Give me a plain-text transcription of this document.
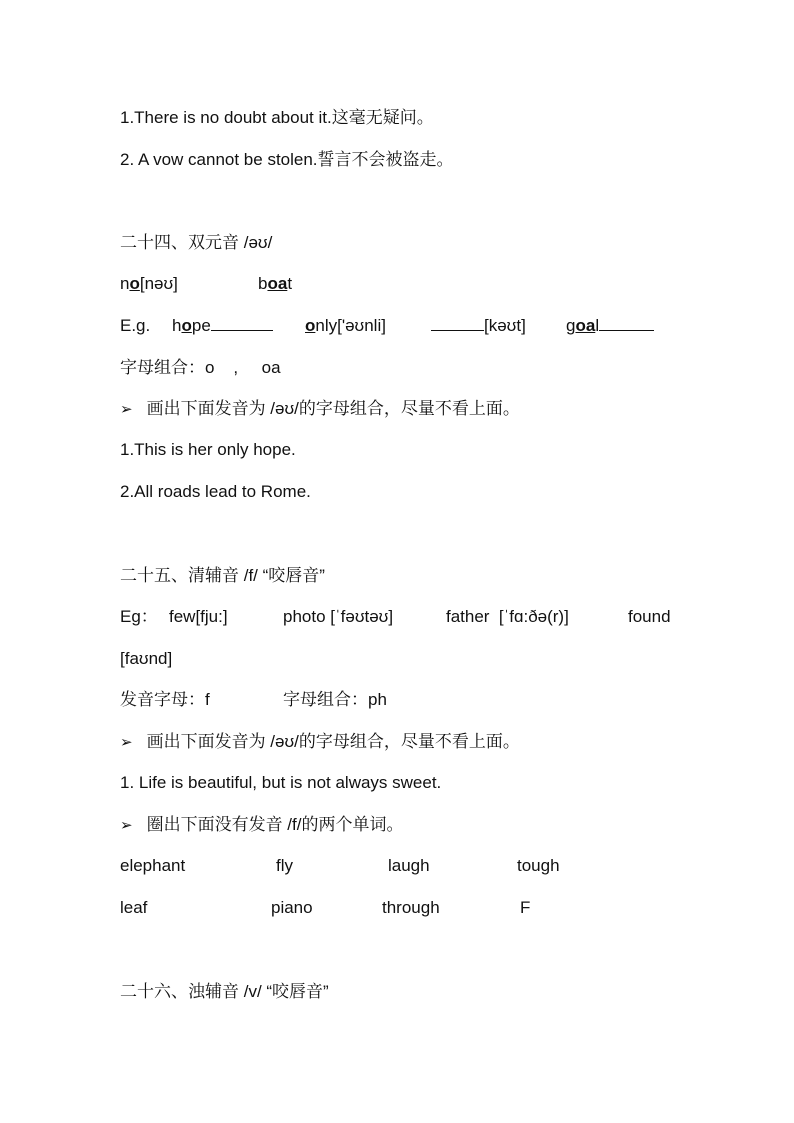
1.There is no doubt about it.这毫无疑问。
2. A vow cannot be stolen.誓言不会被盗走。
二十四、双元音 /əʊ/
no[nəʊ]	boat
E.g. hope	only['əʊnli]	[kəʊt] goal
字母组合：o    ,     oa
➢ 画出下面发音为 /əʊ/的字母组合，尽量不看上面。
1.This is her only hope.
2.All roads lead to Rome.
二十五、清辅音 /f/ “咬唇音”
Eg： few[fju:]	photo [ˈfəʊtəʊ]	father  [ˈfɑ:ðə(r)]	found
[faʊnd]
发音字母：f	字母组合：ph
➢ 画出下面发音为 /əʊ/的字母组合，尽量不看上面。
1. Life is beautiful, but is not always sweet.
➢ 圈出下面没有发音 /f/的两个单词。
elephant	fly	laugh	tough
leaf	piano	through	F
二十六、浊辅音 /v/ “咬唇音”
